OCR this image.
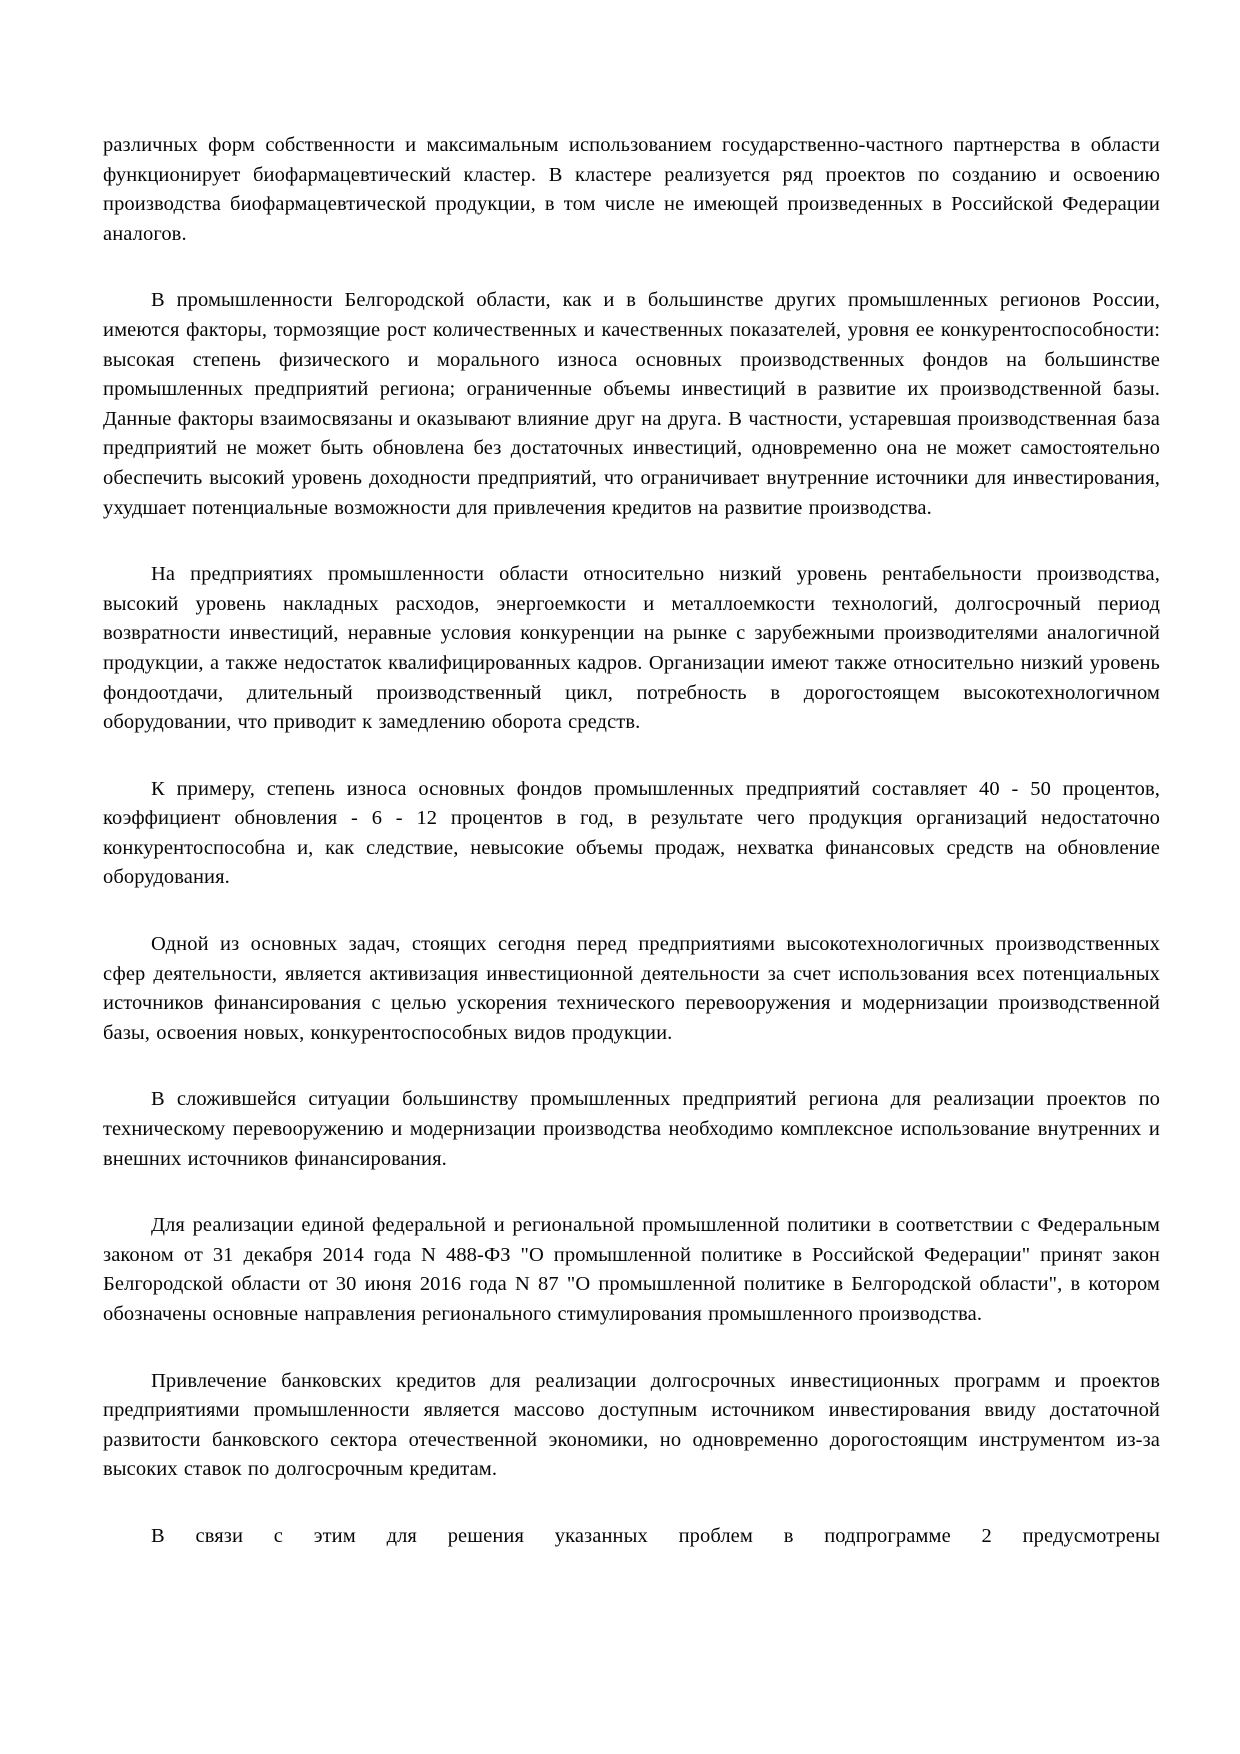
различных форм собственности и максимальным использованием государственно-частного партнерства в области функционирует биофармацевтический кластер. В кластере реализуется ряд проектов по созданию и освоению производства биофармацевтической продукции, в том числе не имеющей произведенных в Российской Федерации аналогов.

В промышленности Белгородской области, как и в большинстве других промышленных регионов России, имеются факторы, тормозящие рост количественных и качественных показателей, уровня ее конкурентоспособности: высокая степень физического и морального износа основных производственных фондов на большинстве промышленных предприятий региона; ограниченные объемы инвестиций в развитие их производственной базы. Данные факторы взаимосвязаны и оказывают влияние друг на друга. В частности, устаревшая производственная база предприятий не может быть обновлена без достаточных инвестиций, одновременно она не может самостоятельно обеспечить высокий уровень доходности предприятий, что ограничивает внутренние источники для инвестирования, ухудшает потенциальные возможности для привлечения кредитов на развитие производства.

На предприятиях промышленности области относительно низкий уровень рентабельности производства, высокий уровень накладных расходов, энергоемкости и металлоемкости технологий, долгосрочный период возвратности инвестиций, неравные условия конкуренции на рынке с зарубежными производителями аналогичной продукции, а также недостаток квалифицированных кадров. Организации имеют также относительно низкий уровень фондоотдачи, длительный производственный цикл, потребность в дорогостоящем высокотехнологичном оборудовании, что приводит к замедлению оборота средств.

К примеру, степень износа основных фондов промышленных предприятий составляет 40 - 50 процентов, коэффициент обновления - 6 - 12 процентов в год, в результате чего продукция организаций недостаточно конкурентоспособна и, как следствие, невысокие объемы продаж, нехватка финансовых средств на обновление оборудования.

Одной из основных задач, стоящих сегодня перед предприятиями высокотехнологичных производственных сфер деятельности, является активизация инвестиционной деятельности за счет использования всех потенциальных источников финансирования с целью ускорения технического перевооружения и модернизации производственной базы, освоения новых, конкурентоспособных видов продукции.

В сложившейся ситуации большинству промышленных предприятий региона для реализации проектов по техническому перевооружению и модернизации производства необходимо комплексное использование внутренних и внешних источников финансирования.

Для реализации единой федеральной и региональной промышленной политики в соответствии с Федеральным законом от 31 декабря 2014 года N 488-ФЗ "О промышленной политике в Российской Федерации" принят закон Белгородской области от 30 июня 2016 года N 87 "О промышленной политике в Белгородской области", в котором обозначены основные направления регионального стимулирования промышленного производства.

Привлечение банковских кредитов для реализации долгосрочных инвестиционных программ и проектов предприятиями промышленности является массово доступным источником инвестирования ввиду достаточной развитости банковского сектора отечественной экономики, но одновременно дорогостоящим инструментом из-за высоких ставок по долгосрочным кредитам.

В связи с этим для решения указанных проблем в подпрограмме 2 предусмотрены
